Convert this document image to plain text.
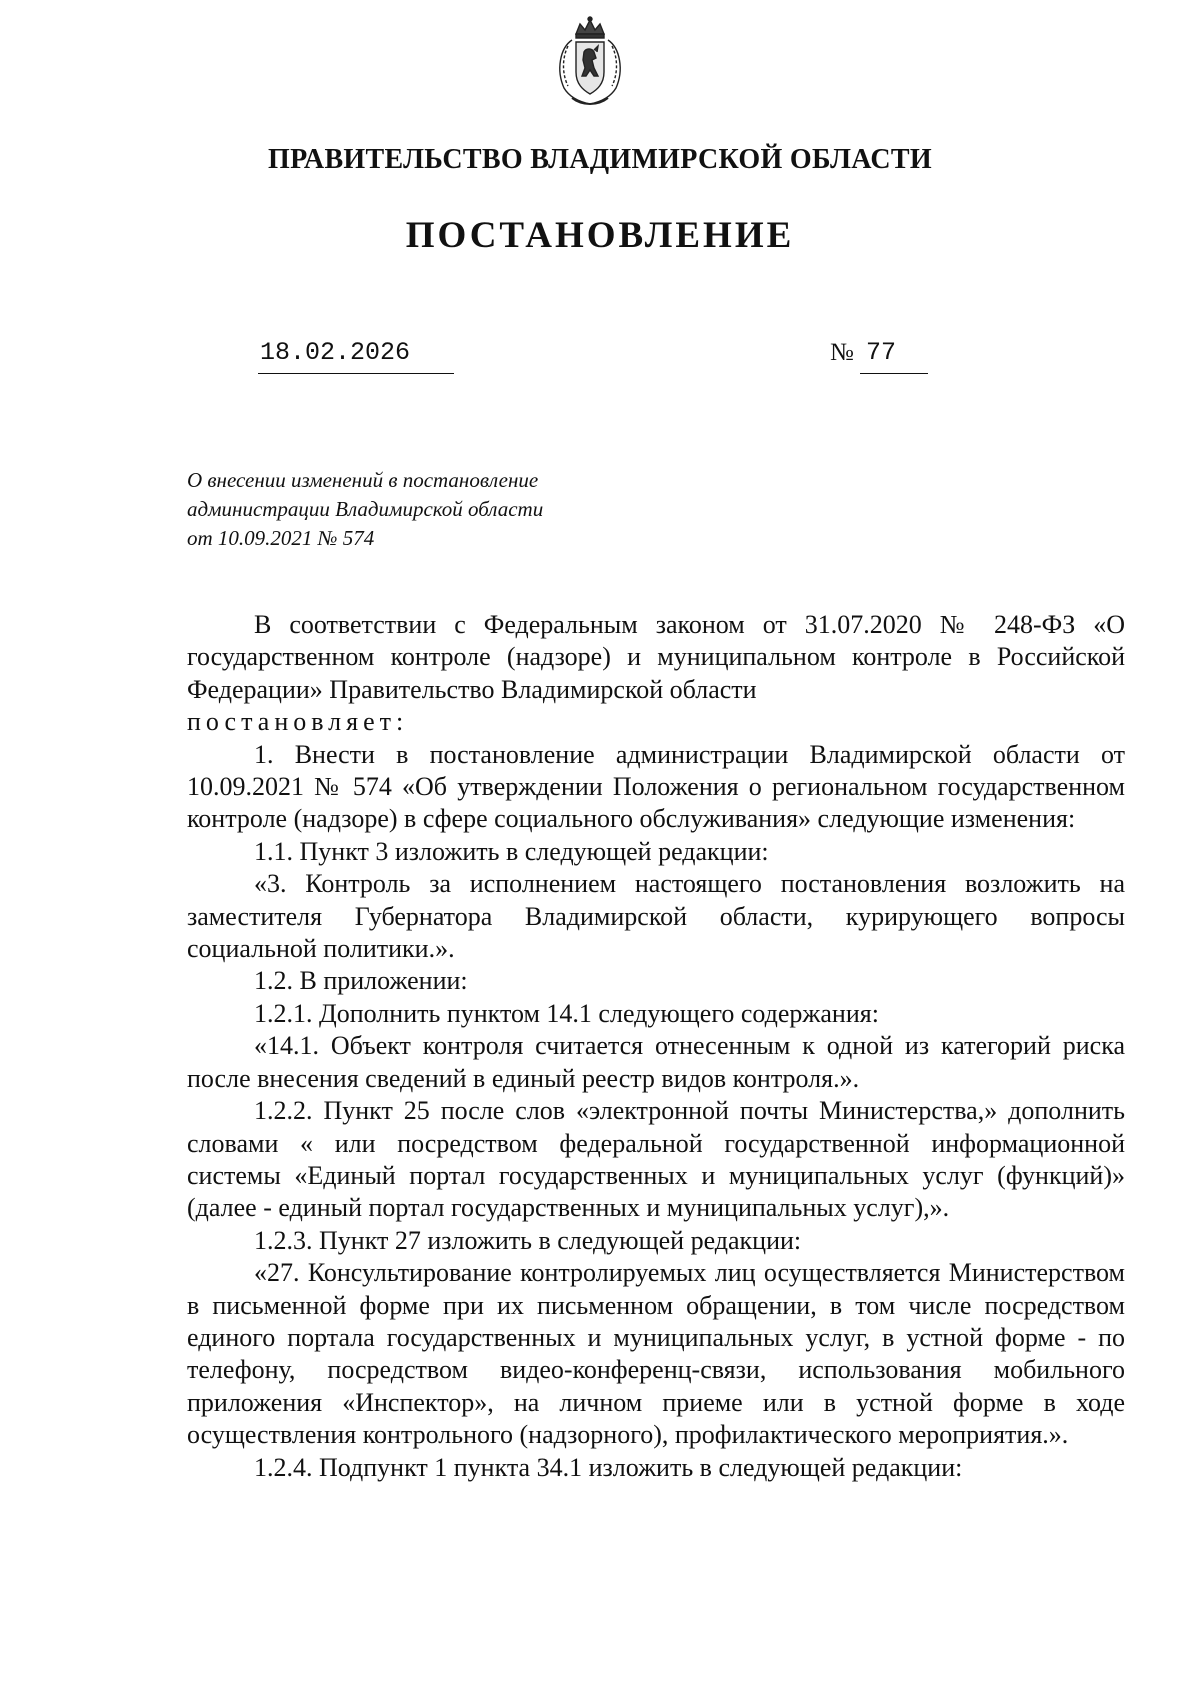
ПРАВИТЕЛЬСТВО ВЛАДИМИРСКОЙ ОБЛАСТИ
ПОСТАНОВЛЕНИЕ
18.02.2026	№ 77
О внесении изменений в постановление
администрации Владимирской области
от 10.09.2021 № 574

В соответствии с Федеральным законом от 31.07.2020 № 248-ФЗ «О государственном контроле (надзоре) и муниципальном контроле в Российской Федерации» Правительство Владимирской области

постановляет:

1. Внести в постановление администрации Владимирской области от 10.09.2021 № 574 «Об утверждении Положения о региональном государственном контроле (надзоре) в сфере социального обслуживания» следующие изменения:

1.1. Пункт 3 изложить в следующей редакции:

«3. Контроль за исполнением настоящего постановления возложить на заместителя Губернатора Владимирской области, курирующего вопросы социальной политики.».

1.2. В приложении:

1.2.1. Дополнить пунктом 14.1 следующего содержания:

«14.1. Объект контроля считается отнесенным к одной из категорий риска после внесения сведений в единый реестр видов контроля.».

1.2.2. Пункт 25 после слов «электронной почты Министерства,» дополнить словами « или посредством федеральной государственной информационной системы «Единый портал государственных и муниципальных услуг (функций)» (далее - единый портал государственных и муниципальных услуг),».

1.2.3. Пункт 27 изложить в следующей редакции:

«27. Консультирование контролируемых лиц осуществляется Министерством в письменной форме при их письменном обращении, в том числе посредством единого портала государственных и муниципальных услуг, в устной форме - по телефону, посредством видео-конференц-связи, использования мобильного приложения «Инспектор», на личном приеме или в устной форме в ходе осуществления контрольного (надзорного), профилактического мероприятия.».

1.2.4. Подпункт 1 пункта 34.1 изложить в следующей редакции:
